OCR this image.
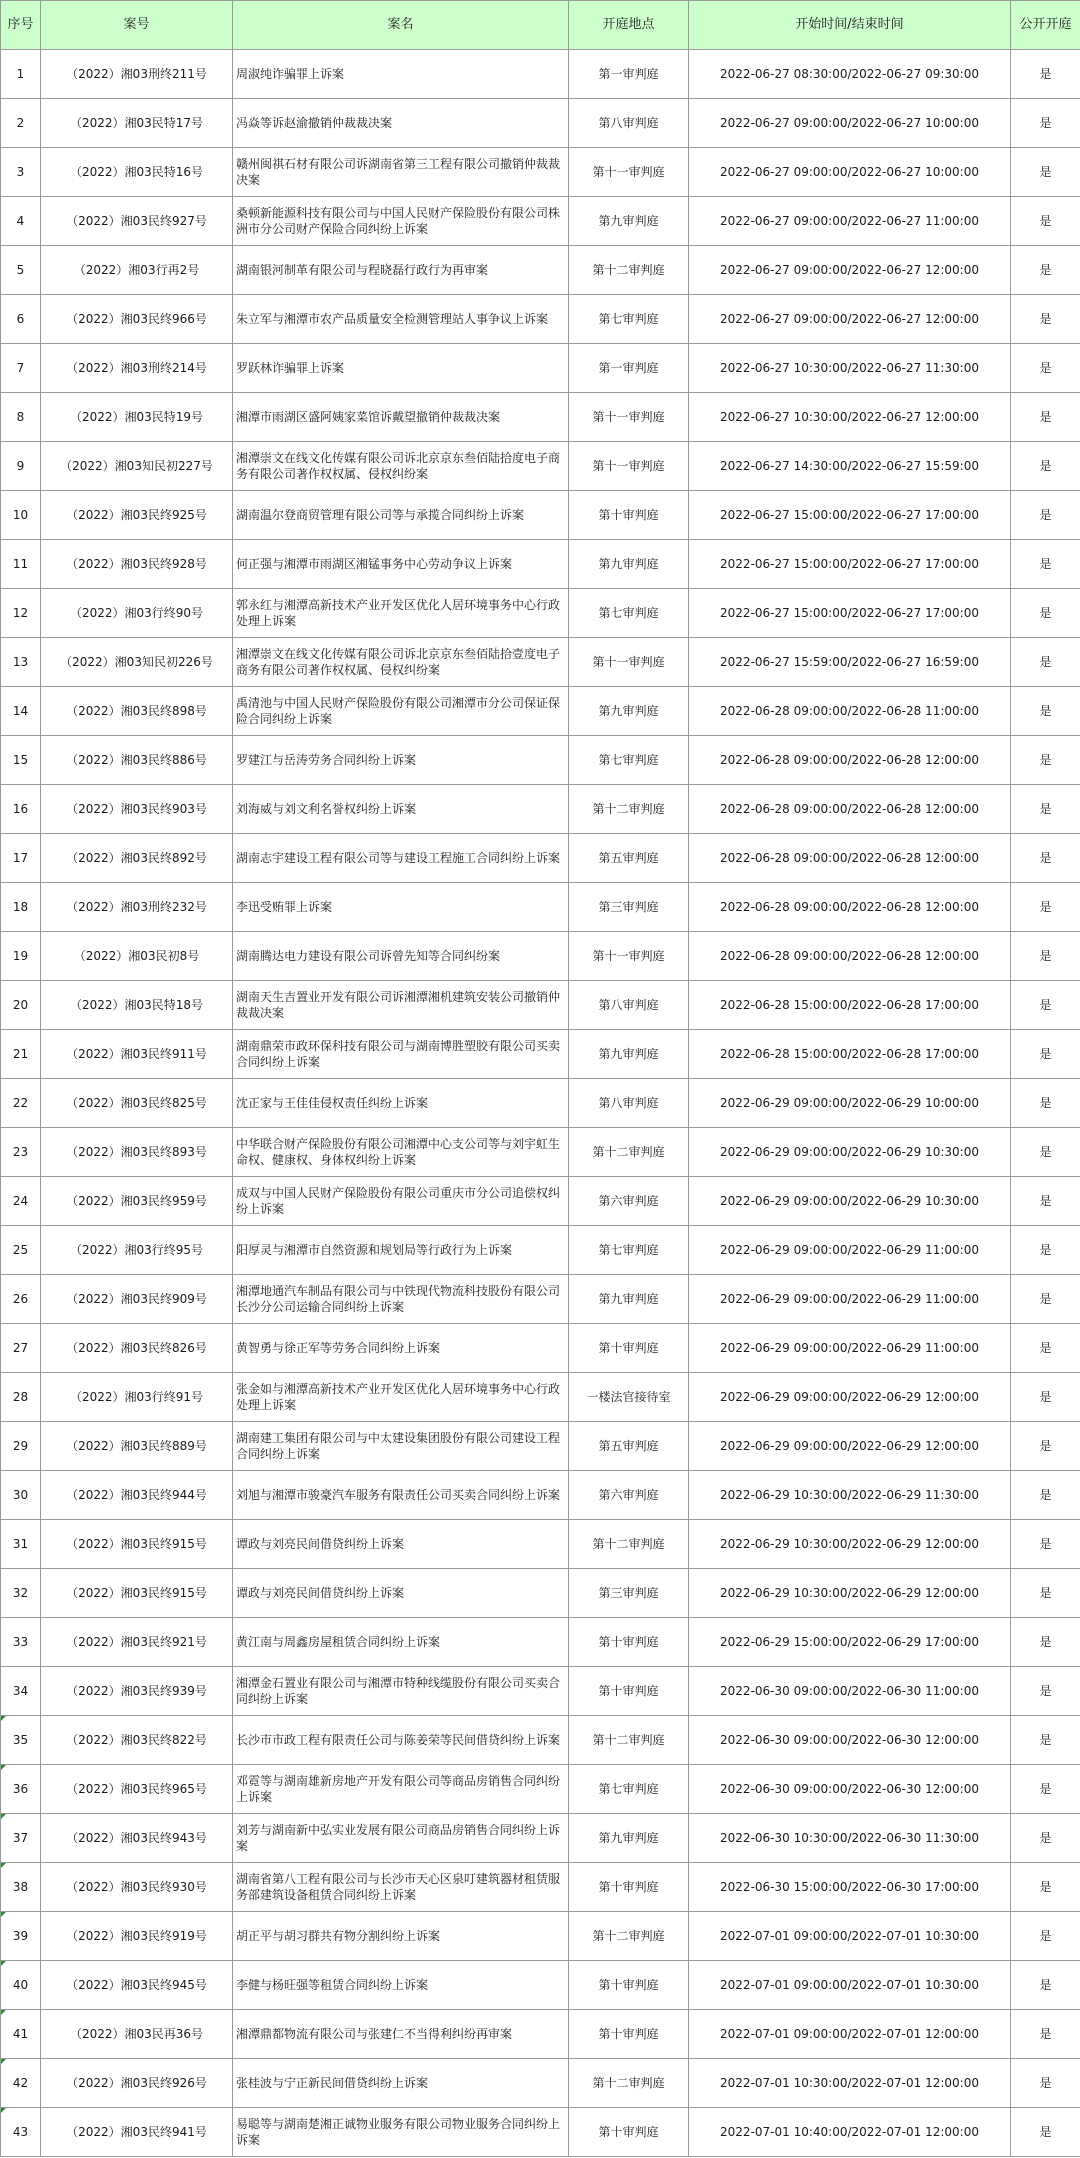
序号	案号	案名	开庭地点	开始时间/结束时间	公开开庭
1	（2022）湘03刑终211号	周淑纯诈骗罪上诉案	第一审判庭	2022-06-27 08:30:00/2022-06-27 09:30:00	是
2	（2022）湘03民特17号	冯焱等诉赵渝撤销仲裁裁决案	第八审判庭	2022-06-27 09:00:00/2022-06-27 10:00:00	是
3	（2022）湘03民特16号	赣州闽祺石材有限公司诉湖南省第三工程有限公司撤销仲裁裁决案	第十一审判庭	2022-06-27 09:00:00/2022-06-27 10:00:00	是
4	（2022）湘03民终927号	桑顿新能源科技有限公司与中国人民财产保险股份有限公司株洲市分公司财产保险合同纠纷上诉案	第九审判庭	2022-06-27 09:00:00/2022-06-27 11:00:00	是
5	（2022）湘03行再2号	湖南银河制革有限公司与程晓磊行政行为再审案	第十二审判庭	2022-06-27 09:00:00/2022-06-27 12:00:00	是
6	（2022）湘03民终966号	朱立军与湘潭市农产品质量安全检测管理站人事争议上诉案	第七审判庭	2022-06-27 09:00:00/2022-06-27 12:00:00	是
7	（2022）湘03刑终214号	罗跃林诈骗罪上诉案	第一审判庭	2022-06-27 10:30:00/2022-06-27 11:30:00	是
8	（2022）湘03民特19号	湘潭市雨湖区盛阿姨家菜馆诉戴望撤销仲裁裁决案	第十一审判庭	2022-06-27 10:30:00/2022-06-27 12:00:00	是
9	（2022）湘03知民初227号	湘潭崇文在线文化传媒有限公司诉北京京东叁佰陆拾度电子商务有限公司著作权权属、侵权纠纷案	第十一审判庭	2022-06-27 14:30:00/2022-06-27 15:59:00	是
10	（2022）湘03民终925号	湖南温尔登商贸管理有限公司等与承揽合同纠纷上诉案	第十审判庭	2022-06-27 15:00:00/2022-06-27 17:00:00	是
11	（2022）湘03民终928号	何正强与湘潭市雨湖区湘锰事务中心劳动争议上诉案	第九审判庭	2022-06-27 15:00:00/2022-06-27 17:00:00	是
12	（2022）湘03行终90号	郭永红与湘潭高新技术产业开发区优化人居环境事务中心行政处理上诉案	第七审判庭	2022-06-27 15:00:00/2022-06-27 17:00:00	是
13	（2022）湘03知民初226号	湘潭崇文在线文化传媒有限公司诉北京京东叁佰陆拾壹度电子商务有限公司著作权权属、侵权纠纷案	第十一审判庭	2022-06-27 15:59:00/2022-06-27 16:59:00	是
14	（2022）湘03民终898号	禹清池与中国人民财产保险股份有限公司湘潭市分公司保证保险合同纠纷上诉案	第九审判庭	2022-06-28 09:00:00/2022-06-28 11:00:00	是
15	（2022）湘03民终886号	罗建江与岳涛劳务合同纠纷上诉案	第七审判庭	2022-06-28 09:00:00/2022-06-28 12:00:00	是
16	（2022）湘03民终903号	刘海威与刘文利名誉权纠纷上诉案	第十二审判庭	2022-06-28 09:00:00/2022-06-28 12:00:00	是
17	（2022）湘03民终892号	湖南志宇建设工程有限公司等与建设工程施工合同纠纷上诉案	第五审判庭	2022-06-28 09:00:00/2022-06-28 12:00:00	是
18	（2022）湘03刑终232号	李迅受贿罪上诉案	第三审判庭	2022-06-28 09:00:00/2022-06-28 12:00:00	是
19	（2022）湘03民初8号	湖南腾达电力建设有限公司诉曾先知等合同纠纷案	第十一审判庭	2022-06-28 09:00:00/2022-06-28 12:00:00	是
20	（2022）湘03民特18号	湖南天生吉置业开发有限公司诉湘潭湘机建筑安装公司撤销仲裁裁决案	第八审判庭	2022-06-28 15:00:00/2022-06-28 17:00:00	是
21	（2022）湘03民终911号	湖南鼎荣市政环保科技有限公司与湖南博胜塑胶有限公司买卖合同纠纷上诉案	第九审判庭	2022-06-28 15:00:00/2022-06-28 17:00:00	是
22	（2022）湘03民终825号	沈正家与王佳佳侵权责任纠纷上诉案	第八审判庭	2022-06-29 09:00:00/2022-06-29 10:00:00	是
23	（2022）湘03民终893号	中华联合财产保险股份有限公司湘潭中心支公司等与刘宇虹生命权、健康权、身体权纠纷上诉案	第十二审判庭	2022-06-29 09:00:00/2022-06-29 10:30:00	是
24	（2022）湘03民终959号	成双与中国人民财产保险股份有限公司重庆市分公司追偿权纠纷上诉案	第六审判庭	2022-06-29 09:00:00/2022-06-29 10:30:00	是
25	（2022）湘03行终95号	阳厚灵与湘潭市自然资源和规划局等行政行为上诉案	第七审判庭	2022-06-29 09:00:00/2022-06-29 11:00:00	是
26	（2022）湘03民终909号	湘潭地通汽车制品有限公司与中铁现代物流科技股份有限公司长沙分公司运输合同纠纷上诉案	第九审判庭	2022-06-29 09:00:00/2022-06-29 11:00:00	是
27	（2022）湘03民终826号	黄智勇与徐正军等劳务合同纠纷上诉案	第十审判庭	2022-06-29 09:00:00/2022-06-29 11:00:00	是
28	（2022）湘03行终91号	张金如与湘潭高新技术产业开发区优化人居环境事务中心行政处理上诉案	一楼法官接待室	2022-06-29 09:00:00/2022-06-29 12:00:00	是
29	（2022）湘03民终889号	湖南建工集团有限公司与中太建设集团股份有限公司建设工程合同纠纷上诉案	第五审判庭	2022-06-29 09:00:00/2022-06-29 12:00:00	是
30	（2022）湘03民终944号	刘旭与湘潭市骏豪汽车服务有限责任公司买卖合同纠纷上诉案	第六审判庭	2022-06-29 10:30:00/2022-06-29 11:30:00	是
31	（2022）湘03民终915号	谭政与刘亮民间借贷纠纷上诉案	第十二审判庭	2022-06-29 10:30:00/2022-06-29 12:00:00	是
32	（2022）湘03民终915号	谭政与刘亮民间借贷纠纷上诉案	第三审判庭	2022-06-29 10:30:00/2022-06-29 12:00:00	是
33	（2022）湘03民终921号	黄江南与周鑫房屋租赁合同纠纷上诉案	第十审判庭	2022-06-29 15:00:00/2022-06-29 17:00:00	是
34	（2022）湘03民终939号	湘潭金石置业有限公司与湘潭市特种线缆股份有限公司买卖合同纠纷上诉案	第十审判庭	2022-06-30 09:00:00/2022-06-30 11:00:00	是
35	（2022）湘03民终822号	长沙市市政工程有限责任公司与陈姜荣等民间借贷纠纷上诉案	第十二审判庭	2022-06-30 09:00:00/2022-06-30 12:00:00	是
36	（2022）湘03民终965号	邓霓等与湖南雄新房地产开发有限公司等商品房销售合同纠纷上诉案	第七审判庭	2022-06-30 09:00:00/2022-06-30 12:00:00	是
37	（2022）湘03民终943号	刘芳与湖南新中弘实业发展有限公司商品房销售合同纠纷上诉案	第九审判庭	2022-06-30 10:30:00/2022-06-30 11:30:00	是
38	（2022）湘03民终930号	湖南省第八工程有限公司与长沙市天心区泉叮建筑器材租赁服务部建筑设备租赁合同纠纷上诉案	第十审判庭	2022-06-30 15:00:00/2022-06-30 17:00:00	是
39	（2022）湘03民终919号	胡正平与胡习群共有物分割纠纷上诉案	第十二审判庭	2022-07-01 09:00:00/2022-07-01 10:30:00	是
40	（2022）湘03民终945号	李健与杨旺强等租赁合同纠纷上诉案	第十审判庭	2022-07-01 09:00:00/2022-07-01 10:30:00	是
41	（2022）湘03民再36号	湘潭鼎都物流有限公司与张建仁不当得利纠纷再审案	第十审判庭	2022-07-01 09:00:00/2022-07-01 12:00:00	是
42	（2022）湘03民终926号	张桂波与宁正新民间借贷纠纷上诉案	第十二审判庭	2022-07-01 10:30:00/2022-07-01 12:00:00	是
43	（2022）湘03民终941号	易聪等与湖南楚湘正诚物业服务有限公司物业服务合同纠纷上诉案	第十审判庭	2022-07-01 10:40:00/2022-07-01 12:00:00	是
